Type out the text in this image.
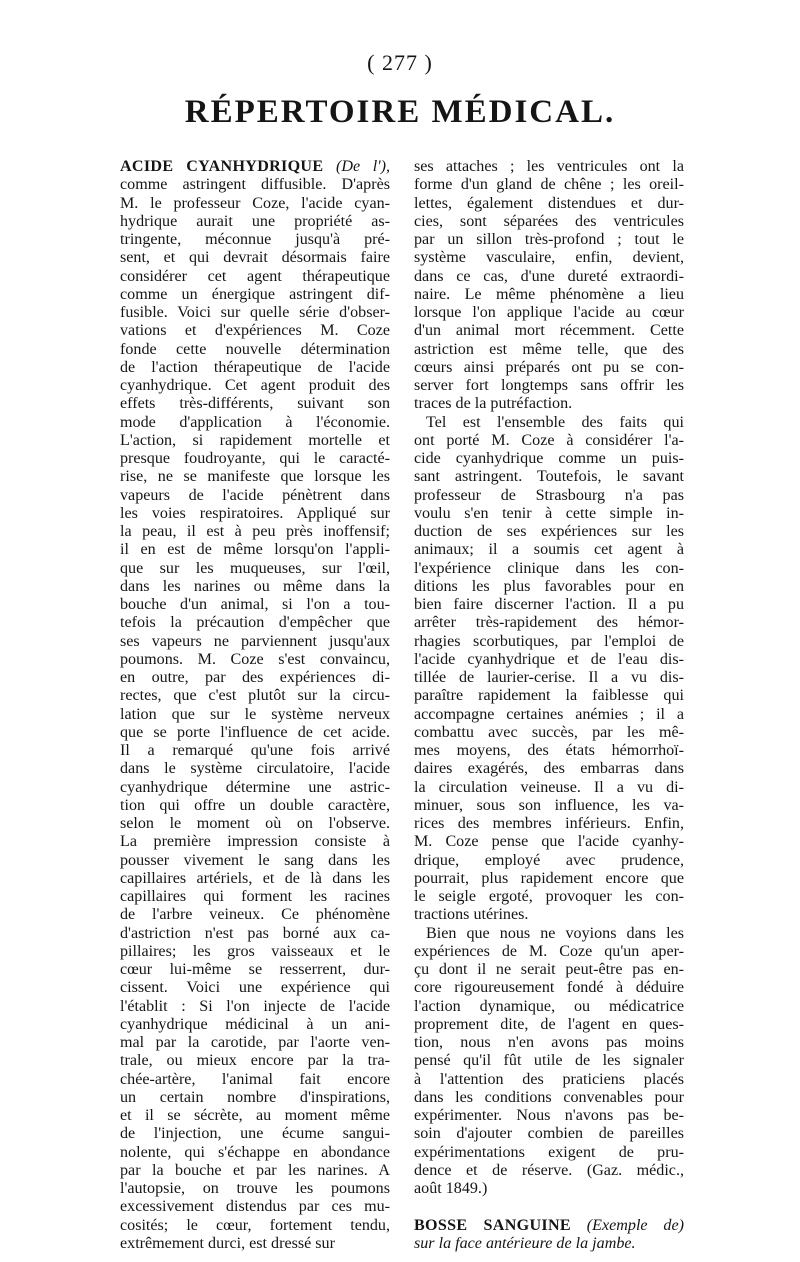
( 277 )
RÉPERTOIRE MÉDICAL.
ACIDE CYANHYDRIQUE (De l'),
comme astringent diffusible. D'après
M. le professeur Coze, l'acide cyan-
hydrique aurait une propriété as-
tringente, méconnue jusqu'à pré-
sent, et qui devrait désormais faire
considérer cet agent thérapeutique
comme un énergique astringent dif-
fusible. Voici sur quelle série d'obser-
vations et d'expériences M. Coze
fonde cette nouvelle détermination
de l'action thérapeutique de l'acide
cyanhydrique. Cet agent produit des
effets très-différents, suivant son
mode d'application à l'économie.
L'action, si rapidement mortelle et
presque foudroyante, qui le caracté-
rise, ne se manifeste que lorsque les
vapeurs de l'acide pénètrent dans
les voies respiratoires. Appliqué sur
la peau, il est à peu près inoffensif;
il en est de même lorsqu'on l'appli-
que sur les muqueuses, sur l'œil,
dans les narines ou même dans la
bouche d'un animal, si l'on a tou-
tefois la précaution d'empêcher que
ses vapeurs ne parviennent jusqu'aux
poumons. M. Coze s'est convaincu,
en outre, par des expériences di-
rectes, que c'est plutôt sur la circu-
lation que sur le système nerveux
que se porte l'influence de cet acide.
Il a remarqué qu'une fois arrivé
dans le système circulatoire, l'acide
cyanhydrique détermine une astric-
tion qui offre un double caractère,
selon le moment où on l'observe.
La première impression consiste à
pousser vivement le sang dans les
capillaires artériels, et de là dans les
capillaires qui forment les racines
de l'arbre veineux. Ce phénomène
d'astriction n'est pas borné aux ca-
pillaires; les gros vaisseaux et le
cœur lui-même se resserrent, dur-
cissent. Voici une expérience qui
l'établit : Si l'on injecte de l'acide
cyanhydrique médicinal à un ani-
mal par la carotide, par l'aorte ven-
trale, ou mieux encore par la tra-
chée-artère, l'animal fait encore
un certain nombre d'inspirations,
et il se sécrète, au moment même
de l'injection, une écume sangui-
nolente, qui s'échappe en abondance
par la bouche et par les narines. A
l'autopsie, on trouve les poumons
excessivement distendus par ces mu-
cosités; le cœur, fortement tendu,
extrêmement durci, est dressé sur
ses attaches ; les ventricules ont la
forme d'un gland de chêne ; les oreil-
lettes, également distendues et dur-
cies, sont séparées des ventricules
par un sillon très-profond ; tout le
système vasculaire, enfin, devient,
dans ce cas, d'une dureté extraordi-
naire. Le même phénomène a lieu
lorsque l'on applique l'acide au cœur
d'un animal mort récemment. Cette
astriction est même telle, que des
cœurs ainsi préparés ont pu se con-
server fort longtemps sans offrir les
traces de la putréfaction.
Tel est l'ensemble des faits qui
ont porté M. Coze à considérer l'a-
cide cyanhydrique comme un puis-
sant astringent. Toutefois, le savant
professeur de Strasbourg n'a pas
voulu s'en tenir à cette simple in-
duction de ses expériences sur les
animaux; il a soumis cet agent à
l'expérience clinique dans les con-
ditions les plus favorables pour en
bien faire discerner l'action. Il a pu
arrêter très-rapidement des hémor-
rhagies scorbutiques, par l'emploi de
l'acide cyanhydrique et de l'eau dis-
tillée de laurier-cerise. Il a vu dis-
paraître rapidement la faiblesse qui
accompagne certaines anémies ; il a
combattu avec succès, par les mê-
mes moyens, des états hémorrhoï-
daires exagérés, des embarras dans
la circulation veineuse. Il a vu di-
minuer, sous son influence, les va-
rices des membres inférieurs. Enfin,
M. Coze pense que l'acide cyanhy-
drique, employé avec prudence,
pourrait, plus rapidement encore que
le seigle ergoté, provoquer les con-
tractions utérines.
Bien que nous ne voyions dans les
expériences de M. Coze qu'un aper-
çu dont il ne serait peut-être pas en-
core rigoureusement fondé à déduire
l'action dynamique, ou médicatrice
proprement dite, de l'agent en ques-
tion, nous n'en avons pas moins
pensé qu'il fût utile de les signaler
à l'attention des praticiens placés
dans les conditions convenables pour
expérimenter. Nous n'avons pas be-
soin d'ajouter combien de pareilles
expérimentations exigent de pru-
dence et de réserve. (Gaz. médic.,
août 1849.)
BOSSE SANGUINE (Exemple de)
sur la face antérieure de la jambe.
